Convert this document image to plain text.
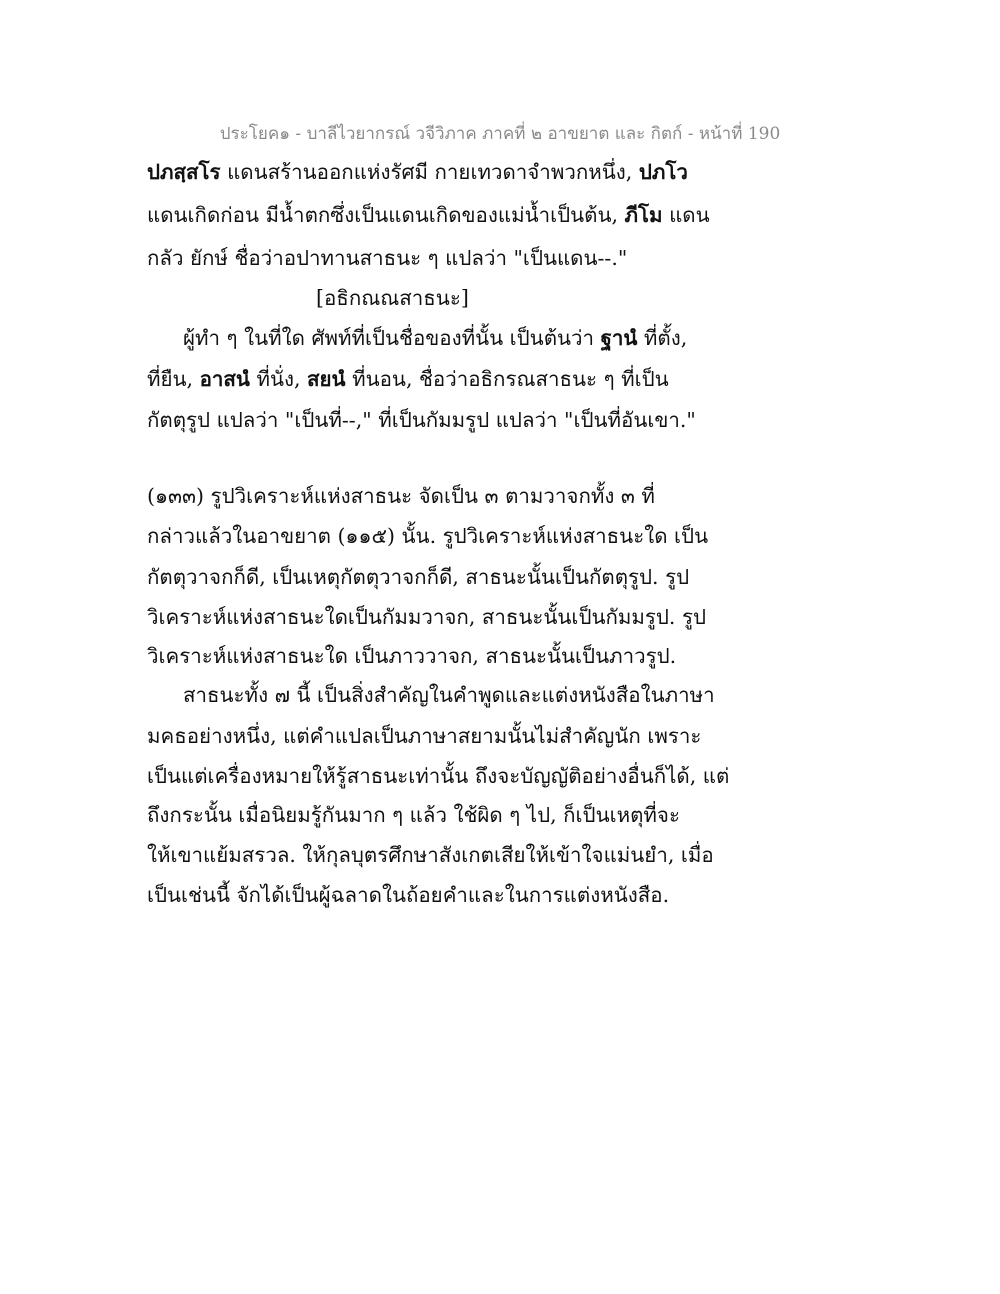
ประโยค๑ - บาลีไวยากรณ์ วจีวิภาค ภาคที่ ๒ อาขยาต และ กิตก์ - หน้าที่ 190
ปภสฺสโร แดนสร้านออกแห่งรัศมี กายเทวดาจำพวกหนึ่ง, ปภโว
แดนเกิดก่อน มีน้ำตกซึ่งเป็นแดนเกิดของแม่น้ำเป็นต้น, ภีโม แดน
กลัว ยักษ์ ชื่อว่าอปาทานสาธนะ ๆ แปลว่า "เป็นแดน--."
[อธิกณณสาธนะ]
ผู้ทำ ๆ ในที่ใด ศัพท์ที่เป็นชื่อของที่นั้น เป็นต้นว่า ฐานํ ที่ตั้ง,
ที่ยืน, อาสนํ ที่นั่ง, สยนํ ที่นอน, ชื่อว่าอธิกรณสาธนะ ๆ ที่เป็น
กัตตุรูป แปลว่า "เป็นที่--," ที่เป็นกัมมรูป แปลว่า "เป็นที่อันเขา."
(๑๓๓) รูปวิเคราะห์แห่งสาธนะ จัดเป็น ๓ ตามวาจกทั้ง ๓ ที่
กล่าวแล้วในอาขยาต (๑๑๕) นั้น. รูปวิเคราะห์แห่งสาธนะใด เป็น
กัตตุวาจกก็ดี, เป็นเหตุกัตตุวาจกก็ดี, สาธนะนั้นเป็นกัตตุรูป. รูป
วิเคราะห์แห่งสาธนะใดเป็นกัมมวาจก, สาธนะนั้นเป็นกัมมรูป. รูป
วิเคราะห์แห่งสาธนะใด เป็นภาววาจก, สาธนะนั้นเป็นภาวรูป.
สาธนะทั้ง ๗ นี้ เป็นสิ่งสำคัญในคำพูดและแต่งหนังสือในภาษา
มคธอย่างหนึ่ง, แต่คำแปลเป็นภาษาสยามนั้นไม่สำคัญนัก เพราะ
เป็นแต่เครื่องหมายให้รู้สาธนะเท่านั้น ถึงจะบัญญัติอย่างอื่นก็ได้, แต่
ถึงกระนั้น เมื่อนิยมรู้กันมาก ๆ แล้ว ใช้ผิด ๆ ไป, ก็เป็นเหตุที่จะ
ให้เขาแย้มสรวล. ให้กุลบุตรศึกษาสังเกตเสียให้เข้าใจแม่นยำ, เมื่อ
เป็นเช่นนี้ จักได้เป็นผู้ฉลาดในถ้อยคำและในการแต่งหนังสือ.
